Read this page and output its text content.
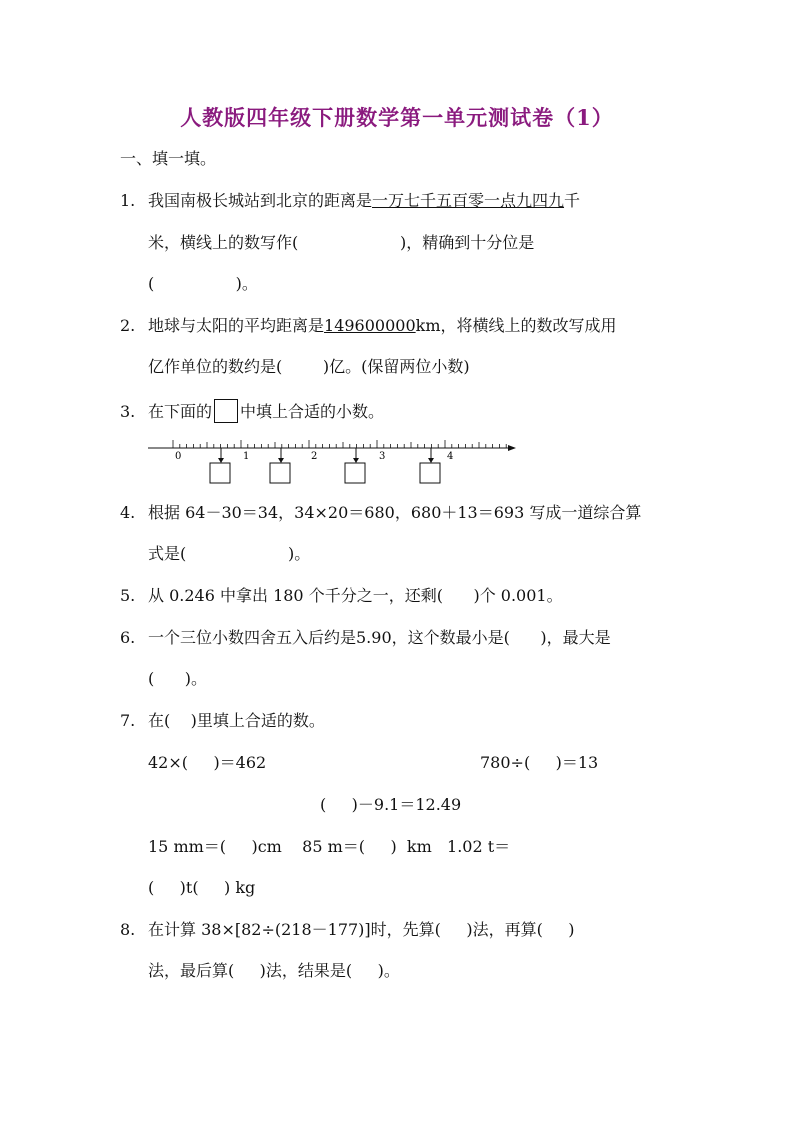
人教版四年级下册数学第一单元测试卷（1）
一、填一填。
1. 我国南极长城站到北京的距离是一万七千五百零一点九四九千
米，横线上的数写作(                    )，精确到十分位是
(                )。
2. 地球与太阳的平均距离是149600000km，将横线上的数改写成用
亿作单位的数约是(        )亿。(保留两位小数)
3. 在下面的 中填上合适的小数。
0	1	2	3	4
4. 根据 64－30＝34，34×20＝680，680＋13＝693 写成一道综合算
式是(                    )。
5. 从 0.246 中拿出 180 个千分之一，还剩(      )个 0.001。
6. 一个三位小数四舍五入后约是5.90，这个数最小是(      )，最大是
(      )。
7. 在(    )里填上合适的数。
42×(     )＝462	780÷(     )＝13
(     )－9.1＝12.49
15 mm＝(     )cm    85 m＝(     )  km   1.02 t＝
(     )t(     ) kg
8. 在计算 38×[82÷(218－177)]时，先算(     )法，再算(     )
法，最后算(     )法，结果是(     )。
